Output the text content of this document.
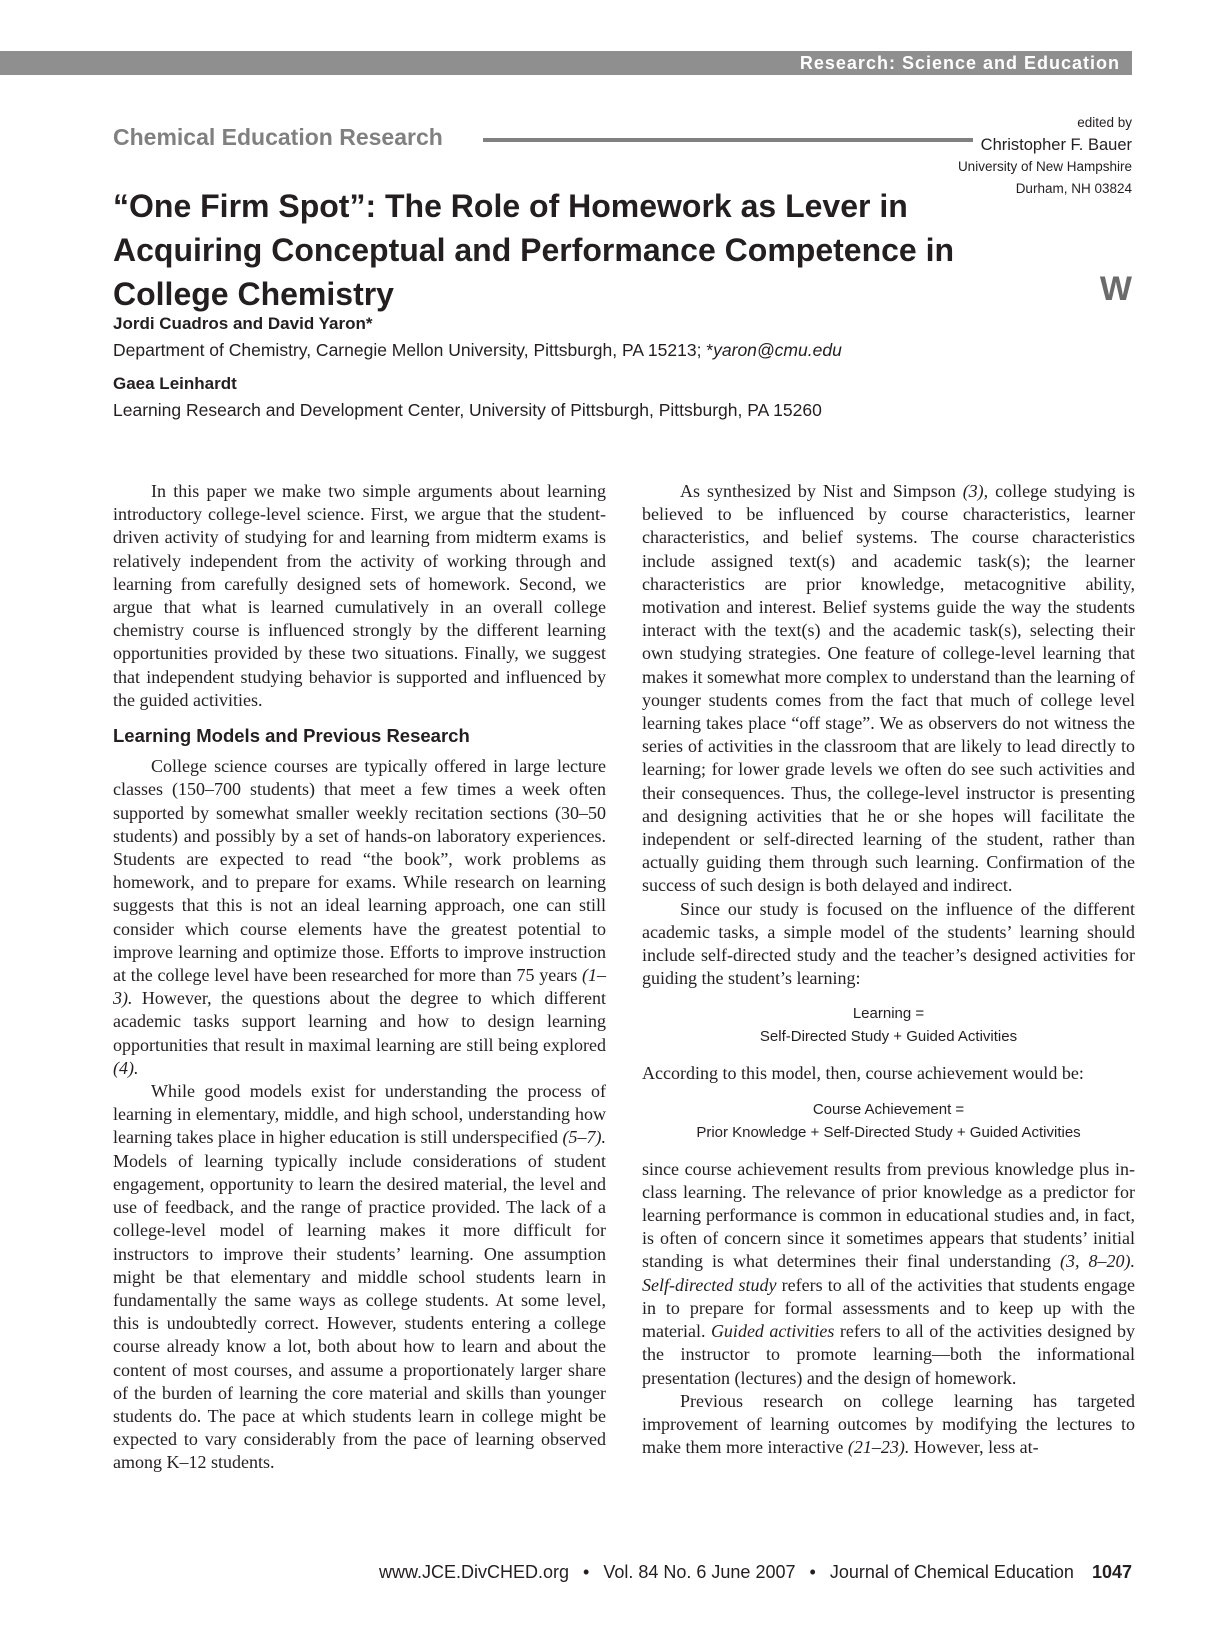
Research: Science and Education
Chemical Education Research
edited by
Christopher F. Bauer
University of New Hampshire
Durham, NH 03824
“One Firm Spot”: The Role of Homework as Lever in Acquiring Conceptual and Performance Competence in College Chemistry	W
Jordi Cuadros and David Yaron*
Department of Chemistry, Carnegie Mellon University, Pittsburgh, PA 15213; *yaron@cmu.edu
Gaea Leinhardt
Learning Research and Development Center, University of Pittsburgh, Pittsburgh, PA 15260

In this paper we make two simple arguments about learning introductory college-level science. First, we argue that the student-driven activity of studying for and learning from midterm exams is relatively independent from the activity of working through and learning from carefully designed sets of homework. Second, we argue that what is learned cumulatively in an overall college chemistry course is influenced strongly by the different learning opportunities provided by these two situations. Finally, we suggest that independent studying behavior is supported and influenced by the guided activities.

Learning Models and Previous Research

College science courses are typically offered in large lecture classes (150–700 students) that meet a few times a week often supported by somewhat smaller weekly recitation sections (30–50 students) and possibly by a set of hands-on laboratory experiences. Students are expected to read “the book”, work problems as homework, and to prepare for exams. While research on learning suggests that this is not an ideal learning approach, one can still consider which course elements have the greatest potential to improve learning and optimize those. Efforts to improve instruction at the college level have been researched for more than 75 years (1–3). However, the questions about the degree to which different academic tasks support learning and how to design learning opportunities that result in maximal learning are still being explored (4).

While good models exist for understanding the process of learning in elementary, middle, and high school, understanding how learning takes place in higher education is still underspecified (5–7). Models of learning typically include considerations of student engagement, opportunity to learn the desired material, the level and use of feedback, and the range of practice provided. The lack of a college-level model of learning makes it more difficult for instructors to improve their students’ learning. One assumption might be that elementary and middle school students learn in fundamentally the same ways as college students. At some level, this is undoubtedly correct. However, students entering a college course already know a lot, both about how to learn and about the content of most courses, and assume a proportionately larger share of the burden of learning the core material and skills than younger students do. The pace at which students learn in college might be expected to vary considerably from the pace of learning observed among K–12 students.

As synthesized by Nist and Simpson (3), college studying is believed to be influenced by course characteristics, learner characteristics, and belief systems. The course characteristics include assigned text(s) and academic task(s); the learner characteristics are prior knowledge, metacognitive ability, motivation and interest. Belief systems guide the way the students interact with the text(s) and the academic task(s), selecting their own studying strategies. One feature of college-level learning that makes it somewhat more complex to understand than the learning of younger students comes from the fact that much of college level learning takes place “off stage”. We as observers do not witness the series of activities in the classroom that are likely to lead directly to learning; for lower grade levels we often do see such activities and their consequences. Thus, the college-level instructor is presenting and designing activities that he or she hopes will facilitate the independent or self-directed learning of the student, rather than actually guiding them through such learning. Confirmation of the success of such design is both delayed and indirect.

Since our study is focused on the influence of the different academic tasks, a simple model of the students’ learning should include self-directed study and the teacher’s designed activities for guiding the student’s learning:

Learning =
Self-Directed Study + Guided Activities

According to this model, then, course achievement would be:

Course Achievement =
Prior Knowledge + Self-Directed Study + Guided Activities

since course achievement results from previous knowledge plus in-class learning. The relevance of prior knowledge as a predictor for learning performance is common in educational studies and, in fact, is often of concern since it sometimes appears that students’ initial standing is what determines their final understanding (3, 8–20). Self-directed study refers to all of the activities that students engage in to prepare for formal assessments and to keep up with the material. Guided activities refers to all of the activities designed by the instructor to promote learning—both the informational presentation (lectures) and the design of homework.

Previous research on college learning has targeted improvement of learning outcomes by modifying the lectures to make them more interactive (21–23). However, less at-

www.JCE.DivCHED.org • Vol. 84 No. 6 June 2007 • Journal of Chemical Education 1047
